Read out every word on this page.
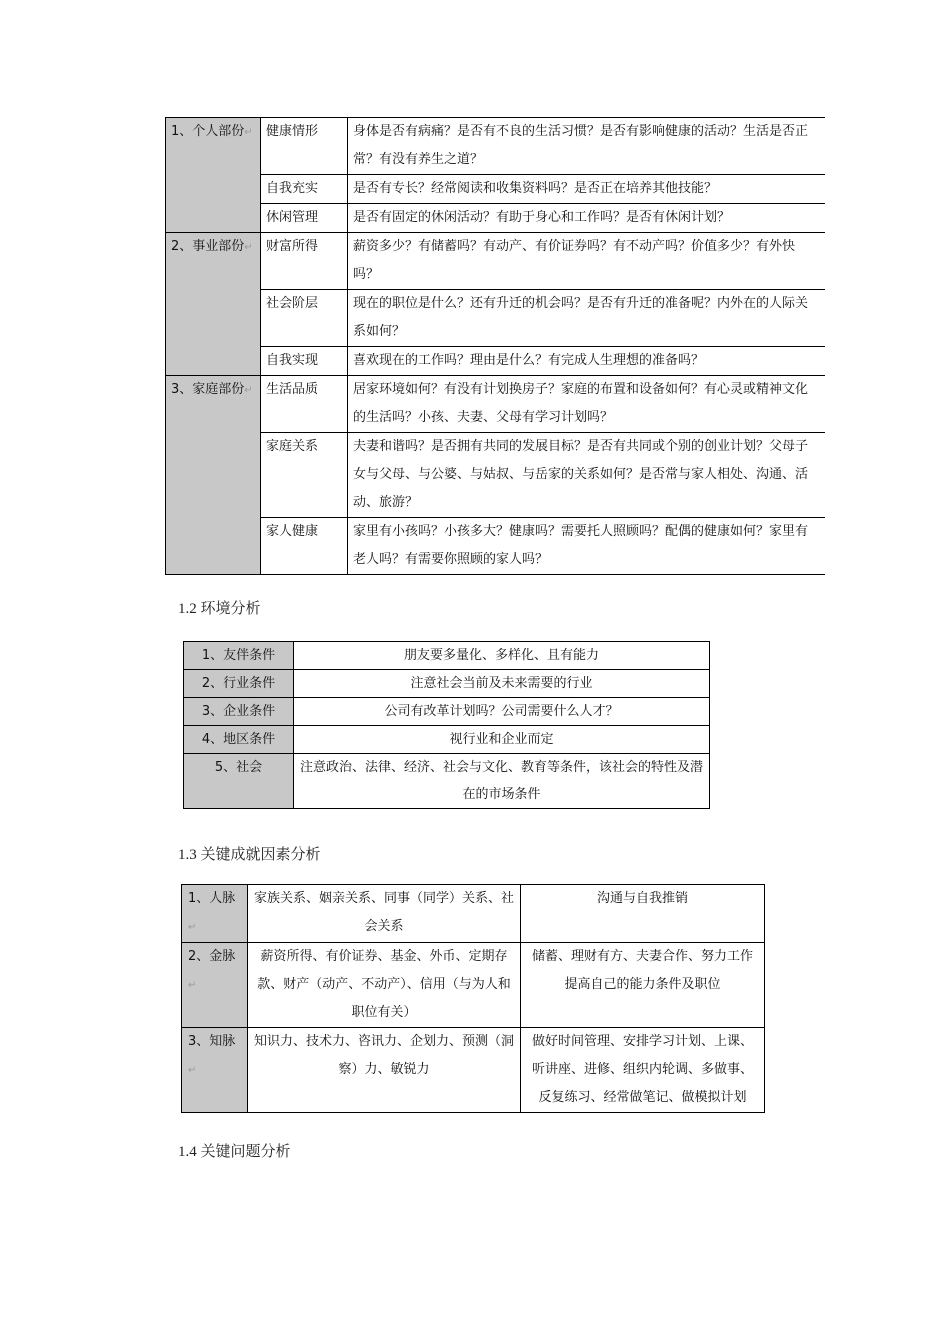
1、个人部份↵	健康情形	身体是否有病痛？是否有不良的生活习惯？是否有影响健康的活动？生活是否正常？有没有养生之道？
	自我充实	是否有专长？经常阅读和收集资料吗？是否正在培养其他技能？
	休闲管理	是否有固定的休闲活动？有助于身心和工作吗？是否有休闲计划？
2、事业部份↵	财富所得	薪资多少？有储蓄吗？有动产、有价证券吗？有不动产吗？价值多少？有外快吗？
	社会阶层	现在的职位是什么？还有升迁的机会吗？是否有升迁的准备呢？内外在的人际关系如何？
	自我实现	喜欢现在的工作吗？理由是什么？有完成人生理想的准备吗？
3、家庭部份↵	生活品质	居家环境如何？有没有计划换房子？家庭的布置和设备如何？有心灵或精神文化的生活吗？小孩、夫妻、父母有学习计划吗？
	家庭关系	夫妻和谐吗？是否拥有共同的发展目标？是否有共同或个别的创业计划？父母子女与父母、与公婆、与姑叔、与岳家的关系如何？是否常与家人相处、沟通、活动、旅游？
	家人健康	家里有小孩吗？小孩多大？健康吗？需要托人照顾吗？配偶的健康如何？家里有老人吗？有需要你照顾的家人吗？
1.2 环境分析
1、友伴条件	朋友要多量化、多样化、且有能力
2、行业条件	注意社会当前及未来需要的行业
3、企业条件	公司有改革计划吗？公司需要什么人才？
4、地区条件	视行业和企业而定
5、社会	注意政治、法律、经济、社会与文化、教育等条件，该社会的特性及潜在的市场条件
1.3 关键成就因素分析
1、人脉↵	家族关系、姻亲关系、同事（同学）关系、社会关系	沟通与自我推销
2、金脉↵	薪资所得、有价证券、基金、外币、定期存款、财产（动产、不动产）、信用（与为人和职位有关）	储蓄、理财有方、夫妻合作、努力工作提高自己的能力条件及职位
3、知脉↵	知识力、技术力、咨讯力、企划力、预测（洞察）力、敏锐力	做好时间管理、安排学习计划、上课、听讲座、进修、组织内轮调、多做事、反复练习、经常做笔记、做模拟计划
1.4 关键问题分析
